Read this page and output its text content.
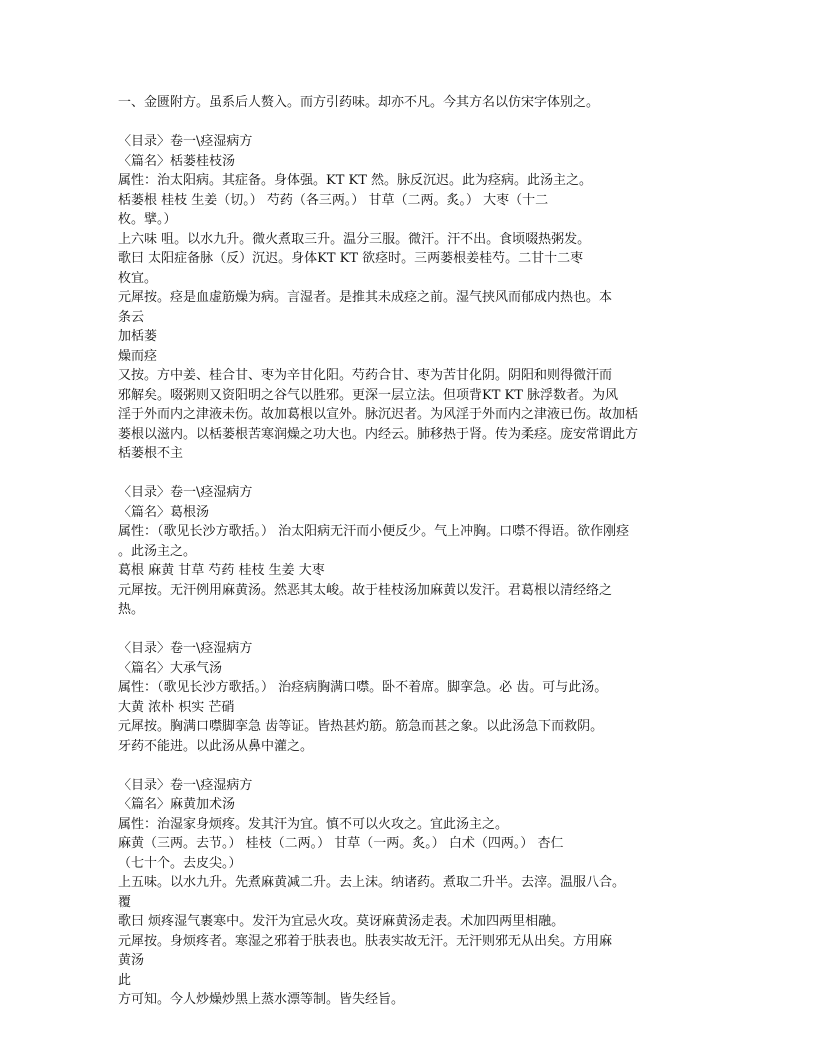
一、金匮附方。虽系后人赘入。而方引药味。却亦不凡。今其方名以仿宋字体别之。
〈目录〉卷一\痉湿病方
〈篇名〉栝蒌桂枝汤
属性：治太阳病。其症备。身体强。KT KT 然。脉反沉迟。此为痉病。此汤主之。
栝蒌根 桂枝 生姜（切。） 芍药（各三两。） 甘草（二两。炙。） 大枣（十二
枚。擘。）
上六味 咀。以水九升。微火煮取三升。温分三服。微汗。汗不出。食顷啜热粥发。
歌曰 太阳症备脉（反）沉迟。身体KT KT 欲痉时。三两蒌根姜桂芍。二甘十二枣
枚宜。
元犀按。痉是血虚筋燥为病。言湿者。是推其未成痉之前。湿气挟风而郁成内热也。本
条云
加栝蒌
燥而痉
又按。方中姜、桂合甘、枣为辛甘化阳。芍药合甘、枣为苦甘化阴。阴阳和则得微汗而
邪解矣。啜粥则又资阳明之谷气以胜邪。更深一层立法。但项背KT KT 脉浮数者。为风
淫于外而内之津液未伤。故加葛根以宣外。脉沉迟者。为风淫于外而内之津液已伤。故加栝
蒌根以滋内。以栝蒌根苦寒润燥之功大也。内经云。肺移热于肾。传为柔痉。庞安常谓此方
栝蒌根不主
〈目录〉卷一\痉湿病方
〈篇名〉葛根汤
属性：（歌见长沙方歌括。） 治太阳病无汗而小便反少。气上冲胸。口噤不得语。欲作刚痉
。此汤主之。
葛根 麻黄 甘草 芍药 桂枝 生姜 大枣
元犀按。无汗例用麻黄汤。然恶其太峻。故于桂枝汤加麻黄以发汗。君葛根以清经络之
热。
〈目录〉卷一\痉湿病方
〈篇名〉大承气汤
属性：（歌见长沙方歌括。） 治痉病胸满口噤。卧不着席。脚挛急。必 齿。可与此汤。
大黄 浓朴 枳实 芒硝
元犀按。胸满口噤脚挛急 齿等证。皆热甚灼筋。筋急而甚之象。以此汤急下而救阴。
牙药不能进。以此汤从鼻中灌之。
〈目录〉卷一\痉湿病方
〈篇名〉麻黄加术汤
属性：治湿家身烦疼。发其汗为宜。慎不可以火攻之。宜此汤主之。
麻黄（三两。去节。） 桂枝（二两。） 甘草（一两。炙。） 白术（四两。） 杏仁
（七十个。去皮尖。）
上五味。以水九升。先煮麻黄减二升。去上沫。纳诸药。煮取二升半。去滓。温服八合。
覆
歌曰 烦疼湿气裹寒中。发汗为宜忌火攻。莫讶麻黄汤走表。术加四两里相融。
元犀按。身烦疼者。寒湿之邪着于肤表也。肤表实故无汗。无汗则邪无从出矣。方用麻
黄汤
此
方可知。今人炒燥炒黑上蒸水漂等制。皆失经旨。
